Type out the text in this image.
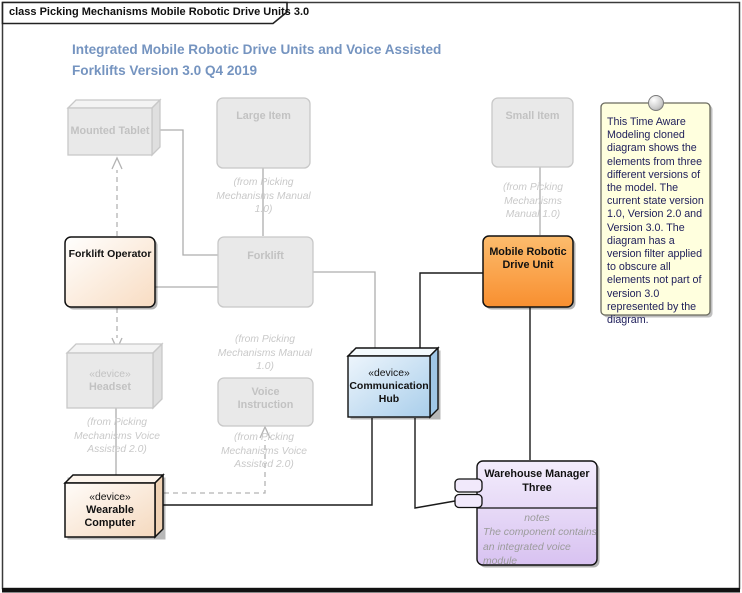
class Picking Mechanisms Mobile Robotic Drive Units 3.0
Integrated Mobile Robotic Drive Units and Voice Assisted Forklifts Version 3.0 Q4 2019
Mounted Tablet
Large Item
(from Picking Mechanisms Manual 1.0)
Small Item
(from Picking Mechanisms Manual 1.0)
Forklift Operator	Forklift
(from Picking Mechanisms Manual 1.0)
Mobile Robotic Drive Unit
«device»
Headset
(from Picking Mechanisms Voice Assisted 2.0)
Voice Instruction
(from Picking Mechanisms Voice Assisted 2.0)
«device»
Communication Hub
«device»
Wearable Computer
Warehouse Manager Three
notes
The component contains an integrated voice module
This Time Aware Modeling cloned diagram shows the elements from three different versions of the model. The current state version 1.0, Version 2.0 and Version 3.0. The diagram has a version filter applied to obscure all elements not part of version 3.0 represented by the diagram.
